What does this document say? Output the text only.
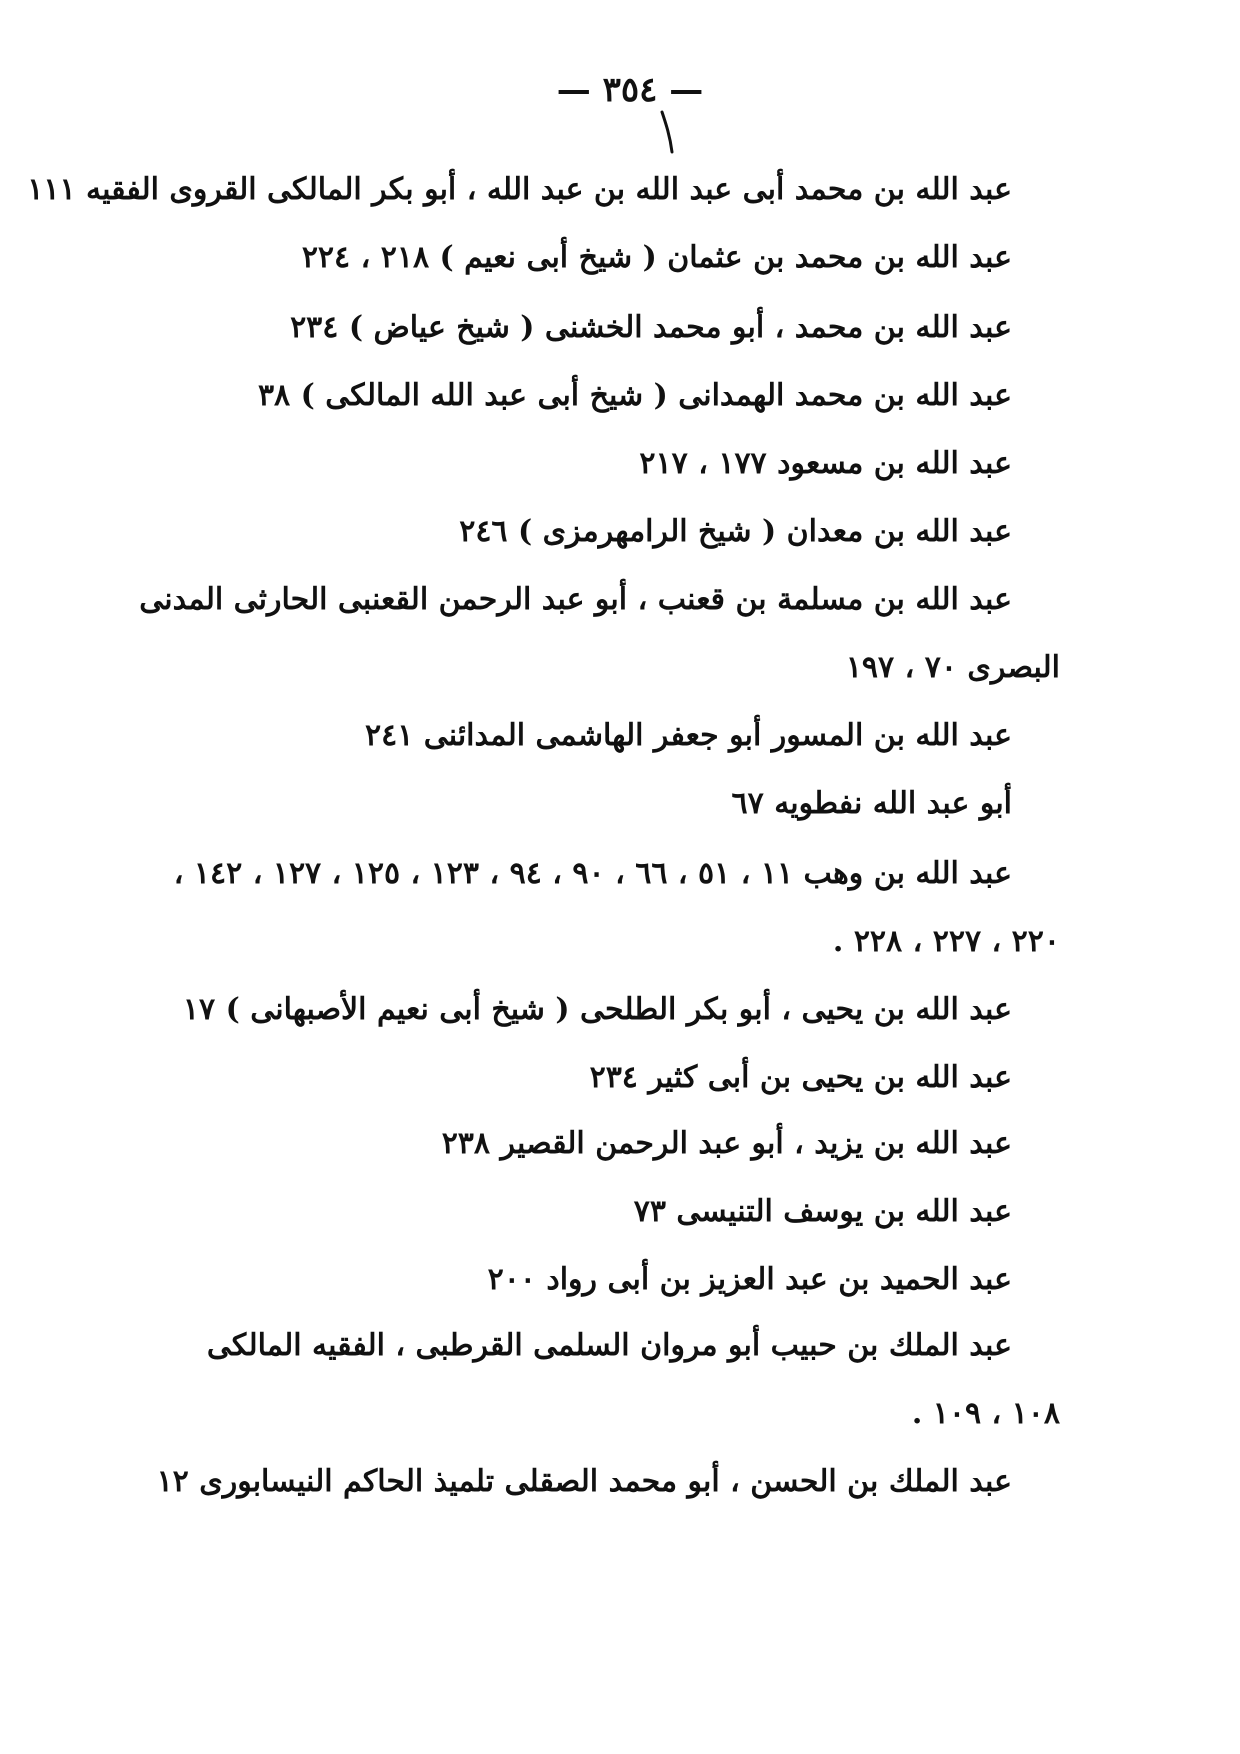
— ٣٥٤ —
عبد الله بن محمد أبى عبد الله بن عبد الله ، أبو بكر المالكى القروى الفقيه ١١١
عبد الله بن محمد بن عثمان ( شيخ أبى نعيم ) ٢١٨ ، ٢٢٤
عبد الله بن محمد ، أبو محمد الخشنى ( شيخ عياض ) ٢٣٤
عبد الله بن محمد الهمدانى ( شيخ أبى عبد الله المالكى ) ٣٨
عبد الله بن مسعود ١٧٧ ، ٢١٧
عبد الله بن معدان ( شيخ الرامهرمزى ) ٢٤٦
عبد الله بن مسلمة بن قعنب ، أبو عبد الرحمن القعنبى الحارثى المدنى
البصرى ٧٠ ، ١٩٧
عبد الله بن المسور أبو جعفر الهاشمى المدائنى ٢٤١
أبو عبد الله نفطويه ٦٧
عبد الله بن وهب ١١ ، ٥١ ، ٦٦ ، ٩٠ ، ٩٤ ، ١٢٣ ، ١٢٥ ، ١٢٧ ، ١٤٢ ،
٢٢٠ ، ٢٢٧ ، ٢٢٨ .
عبد الله بن يحيى ، أبو بكر الطلحى ( شيخ أبى نعيم الأصبهانى ) ١٧
عبد الله بن يحيى بن أبى كثير ٢٣٤
عبد الله بن يزيد ، أبو عبد الرحمن القصير ٢٣٨
عبد الله بن يوسف التنيسى ٧٣
عبد الحميد بن عبد العزيز بن أبى رواد ٢٠٠
عبد الملك بن حبيب أبو مروان السلمى القرطبى ، الفقيه المالكى
١٠٨ ، ١٠٩ .
عبد الملك بن الحسن ، أبو محمد الصقلى تلميذ الحاكم النيسابورى ١٢
